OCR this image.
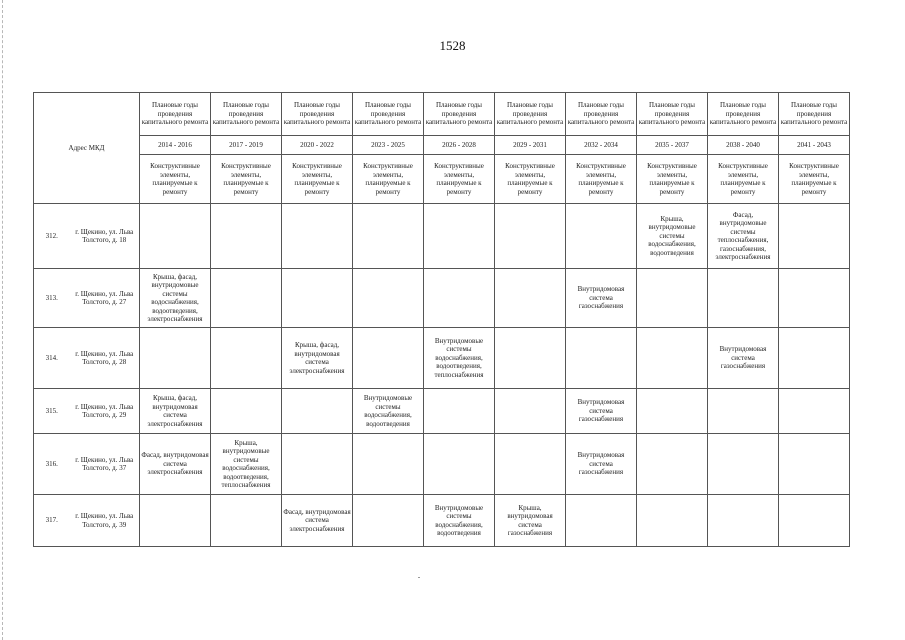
1528
Адрес МКД		Плановые годы проведения капитального ремонта	Плановые годы проведения капитального ремонта	Плановые годы проведения капитального ремонта	Плановые годы проведения капитального ремонта	Плановые годы проведения капитального ремонта	Плановые годы проведения капитального ремонта	Плановые годы проведения капитального ремонта	Плановые годы проведения капитального ремонта	Плановые годы проведения капитального ремонта	Плановые годы проведения капитального ремонта
		2014 - 2016	2017 - 2019	2020 - 2022	2023 - 2025	2026 - 2028	2029 - 2031	2032 - 2034	2035 - 2037	2038 - 2040	2041 - 2043
		Конструктивные элементы, планируемые к ремонту	Конструктивные элементы, планируемые к ремонту	Конструктивные элементы, планируемые к ремонту	Конструктивные элементы, планируемые к ремонту	Конструктивные элементы, планируемые к ремонту	Конструктивные элементы, планируемые к ремонту	Конструктивные элементы, планируемые к ремонту	Конструктивные элементы, планируемые к ремонту	Конструктивные элементы, планируемые к ремонту	Конструктивные элементы, планируемые к ремонту
312.	г. Щекино, ул. Льва Толстого, д. 18								Крыша, внутридомовые системы водоснабжения, водоотведения	Фасад, внутридомовые системы теплоснабжения, газоснабжения, электроснабжения	
313.	г. Щекино, ул. Льва Толстого, д. 27	Крыша, фасад, внутридомовые системы водоснабжения, водоотведения, электроснабжения						Внутридомовая система газоснабжения			
314.	г. Щекино, ул. Льва Толстого, д. 28			Крыша, фасад, внутридомовая система электроснабжения		Внутридомовые системы водоснабжения, водоотведения, теплоснабжения				Внутридомовая система газоснабжения	
315.	г. Щекино, ул. Льва Толстого, д. 29	Крыша, фасад, внутридомовая система электроснабжения			Внутридомовые системы водоснабжения, водоотведения			Внутридомовая система газоснабжения			
316.	г. Щекино, ул. Льва Толстого, д. 37	Фасад, внутридомовая система электроснабжения	Крыша, внутридомовые системы водоснабжения, водоотведения, теплоснабжения					Внутридомовая система газоснабжения			
317.	г. Щекино, ул. Льва Толстого, д. 39			Фасад, внутридомовая система электроснабжения		Внутридомовые системы водоснабжения, водоотведения	Крыша, внутридомовая система газоснабжения				
